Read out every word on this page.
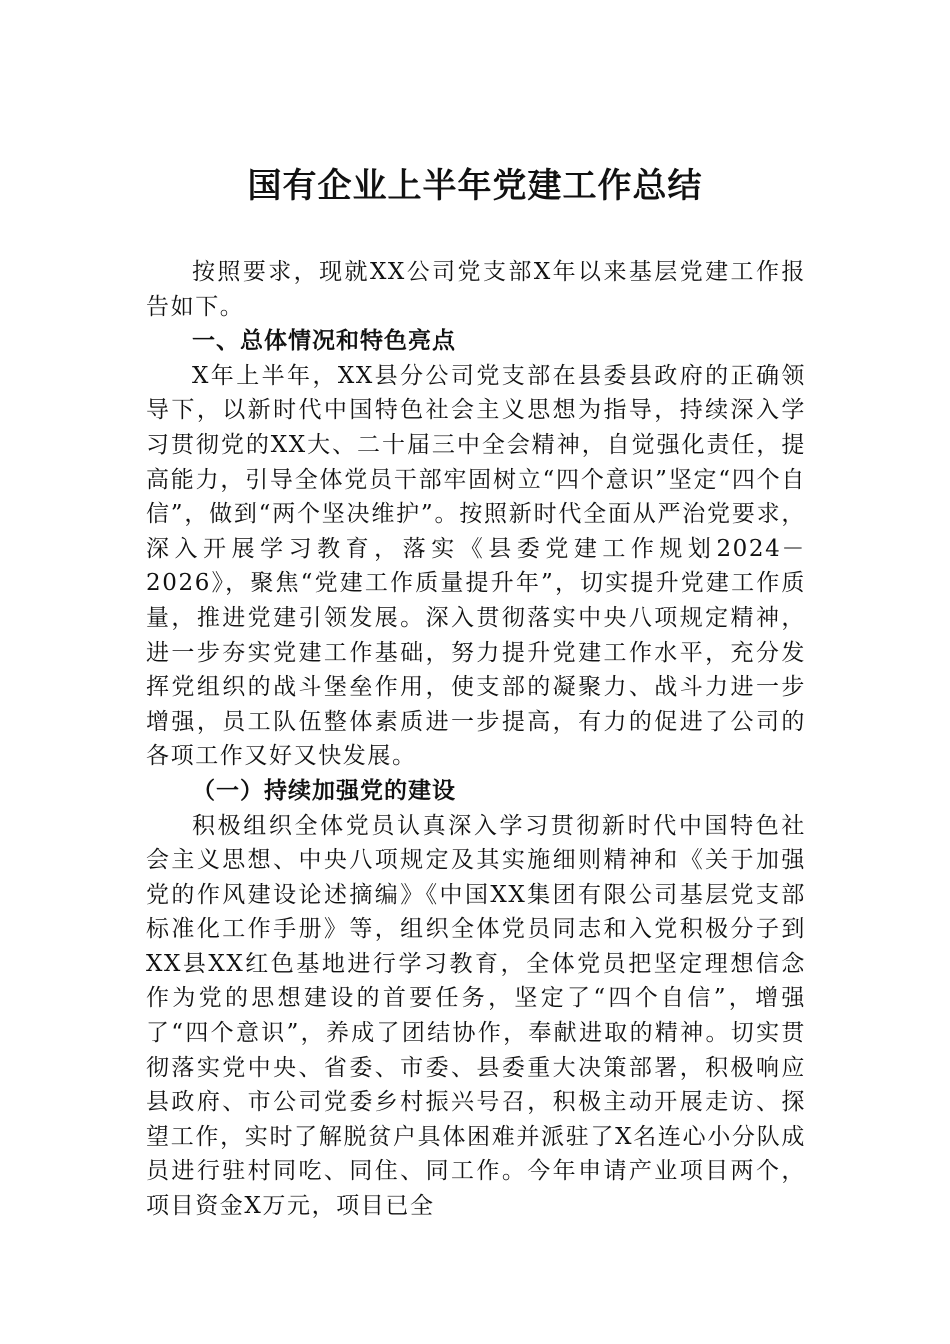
国有企业上半年党建工作总结

按照要求，现就XX公司党支部X年以来基层党建工作报告如下。

一、总体情况和特色亮点

X年上半年，XX县分公司党支部在县委县政府的正确领导下，以新时代中国特色社会主义思想为指导，持续深入学习贯彻党的XX大、二十届三中全会精神，自觉强化责任，提高能力，引导全体党员干部牢固树立“四个意识”坚定“四个自信”，做到“两个坚决维护”。按照新时代全面从严治党要求，深入开展学习教育，落实《县委党建工作规划2024－2026》，聚焦“党建工作质量提升年”，切实提升党建工作质量，推进党建引领发展。深入贯彻落实中央八项规定精神，进一步夯实党建工作基础，努力提升党建工作水平，充分发挥党组织的战斗堡垒作用，使支部的凝聚力、战斗力进一步增强，员工队伍整体素质进一步提高，有力的促进了公司的各项工作又好又快发展。

（一）持续加强党的建设

积极组织全体党员认真深入学习贯彻新时代中国特色社会主义思想、中央八项规定及其实施细则精神和《关于加强党的作风建设论述摘编》《中国XX集团有限公司基层党支部标准化工作手册》等，组织全体党员同志和入党积极分子到XX县XX红色基地进行学习教育，全体党员把坚定理想信念作为党的思想建设的首要任务，坚定了“四个自信”，增强了“四个意识”，养成了团结协作，奉献进取的精神。切实贯彻落实党中央、省委、市委、县委重大决策部署，积极响应县政府、市公司党委乡村振兴号召，积极主动开展走访、探望工作，实时了解脱贫户具体困难并派驻了X名连心小分队成员进行驻村同吃、同住、同工作。今年申请产业项目两个，项目资金X万元，项目已全
